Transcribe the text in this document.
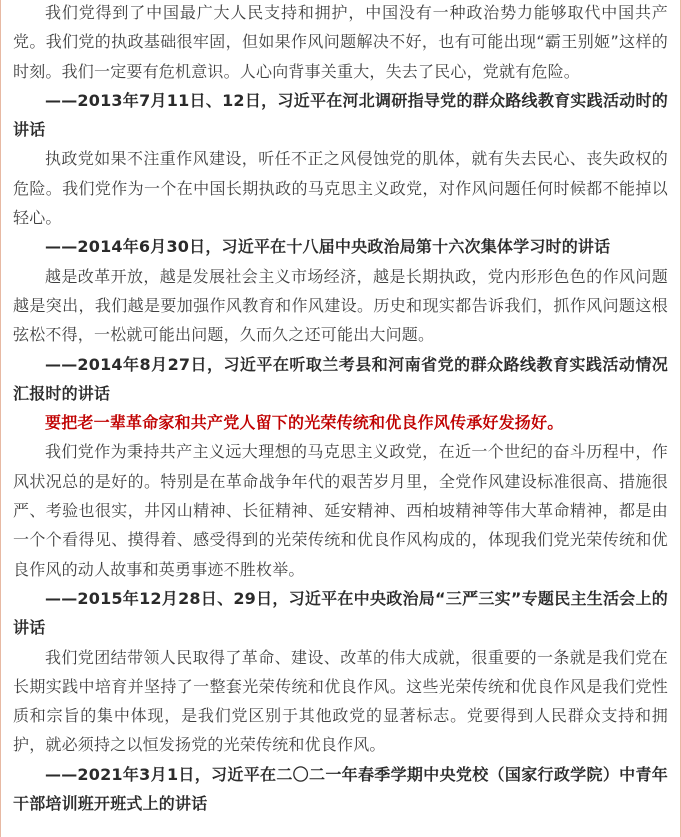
我们党得到了中国最广大人民支持和拥护，中国没有一种政治势力能够取代中国共产党。我们党的执政基础很牢固，但如果作风问题解决不好，也有可能出现“霸王别姬”这样的时刻。我们一定要有危机意识。人心向背事关重大，失去了民心，党就有危险。

——2013年7月11日、12日，习近平在河北调研指导党的群众路线教育实践活动时的讲话

执政党如果不注重作风建设，听任不正之风侵蚀党的肌体，就有失去民心、丧失政权的危险。我们党作为一个在中国长期执政的马克思主义政党，对作风问题任何时候都不能掉以轻心。

——2014年6月30日，习近平在十八届中央政治局第十六次集体学习时的讲话

越是改革开放，越是发展社会主义市场经济，越是长期执政，党内形形色色的作风问题越是突出，我们越是要加强作风教育和作风建设。历史和现实都告诉我们，抓作风问题这根弦松不得，一松就可能出问题，久而久之还可能出大问题。

——2014年8月27日，习近平在听取兰考县和河南省党的群众路线教育实践活动情况汇报时的讲话

要把老一辈革命家和共产党人留下的光荣传统和优良作风传承好发扬好。

我们党作为秉持共产主义远大理想的马克思主义政党，在近一个世纪的奋斗历程中，作风状况总的是好的。特别是在革命战争年代的艰苦岁月里，全党作风建设标准很高、措施很严、考验也很实，井冈山精神、长征精神、延安精神、西柏坡精神等伟大革命精神，都是由一个个看得见、摸得着、感受得到的光荣传统和优良作风构成的，体现我们党光荣传统和优良作风的动人故事和英勇事迹不胜枚举。

——2015年12月28日、29日，习近平在中央政治局“三严三实”专题民主生活会上的讲话

我们党团结带领人民取得了革命、建设、改革的伟大成就，很重要的一条就是我们党在长期实践中培育并坚持了一整套光荣传统和优良作风。这些光荣传统和优良作风是我们党性质和宗旨的集中体现，是我们党区别于其他政党的显著标志。党要得到人民群众支持和拥护，就必须持之以恒发扬党的光荣传统和优良作风。

——2021年3月1日，习近平在二〇二一年春季学期中央党校（国家行政学院）中青年干部培训班开班式上的讲话
